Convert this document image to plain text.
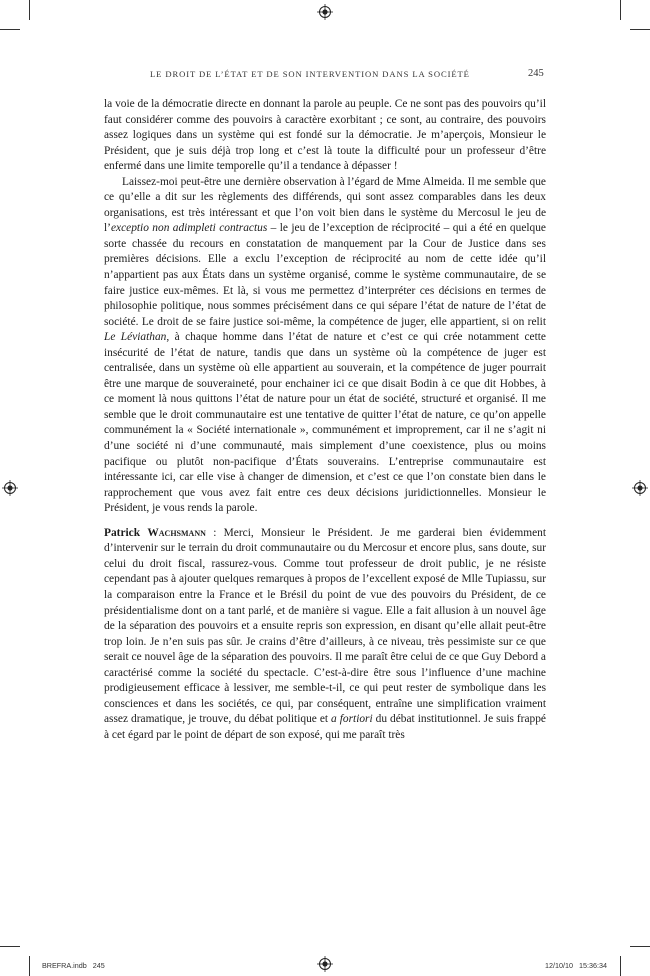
LE DROIT DE L’ÉTAT ET DE SON INTERVENTION DANS LA SOCIÉTÉ	245

la voie de la démocratie directe en donnant la parole au peuple. Ce ne sont pas des pouvoirs qu’il faut considérer comme des pouvoirs à caractère exorbitant ; ce sont, au contraire, des pouvoirs assez logiques dans un système qui est fondé sur la démocratie. Je m’aperçois, Monsieur le Président, que je suis déjà trop long et c’est là toute la difficulté pour un professeur d’être enfermé dans une limite temporelle qu’il a tendance à dépasser !

Laissez-moi peut-être une dernière observation à l’égard de Mme Almeida. Il me semble que ce qu’elle a dit sur les règlements des différends, qui sont assez comparables dans les deux organisations, est très intéressant et que l’on voit bien dans le système du Mercosul le jeu de l’exceptio non adimpleti contractus – le jeu de l’exception de réciprocité – qui a été en quelque sorte chassée du recours en constatation de manquement par la Cour de Justice dans ses premières décisions. Elle a exclu l’exception de réciprocité au nom de cette idée qu’il n’appartient pas aux États dans un système organisé, comme le système communautaire, de se faire justice eux-mêmes. Et là, si vous me permettez d’interpréter ces décisions en termes de philosophie politique, nous sommes précisément dans ce qui sépare l’état de nature de l’état de société. Le droit de se faire justice soi-même, la compétence de juger, elle appartient, si on relit Le Léviathan, à chaque homme dans l’état de nature et c’est ce qui crée notamment cette insécurité de l’état de nature, tandis que dans un système où la compétence de juger est centralisée, dans un système où elle appartient au souverain, et la compétence de juger pourrait être une marque de souveraineté, pour enchainer ici ce que disait Bodin à ce que dit Hobbes, à ce moment là nous quittons l’état de nature pour un état de société, structuré et organisé. Il me semble que le droit communautaire est une tentative de quitter l’état de nature, ce qu’on appelle communément la « Société internationale », communément et improprement, car il ne s’agit ni d’une société ni d’une communauté, mais simplement d’une coexistence, plus ou moins pacifique ou plutôt non-pacifique d’États souverains. L’entreprise communautaire est intéressante ici, car elle vise à changer de dimension, et c’est ce que l’on constate bien dans le rapprochement que vous avez fait entre ces deux décisions juridictionnelles. Monsieur le Président, je vous rends la parole.

Patrick Wachsmann : Merci, Monsieur le Président. Je me garderai bien évidemment d’intervenir sur le terrain du droit communautaire ou du Mercosur et encore plus, sans doute, sur celui du droit fiscal, rassurez-vous. Comme tout professeur de droit public, je ne résiste cependant pas à ajouter quelques remarques à propos de l’excellent exposé de Mlle Tupiassu, sur la comparaison entre la France et le Brésil du point de vue des pouvoirs du Président, de ce présidentialisme dont on a tant parlé, et de manière si vague. Elle a fait allusion à un nouvel âge de la séparation des pouvoirs et a ensuite repris son expression, en disant qu’elle allait peut-être trop loin. Je n’en suis pas sûr. Je crains d’être d’ailleurs, à ce niveau, très pessimiste sur ce que serait ce nouvel âge de la séparation des pouvoirs. Il me paraît être celui de ce que Guy Debord a caractérisé comme la société du spectacle. C’est-à-dire être sous l’influence d’une machine prodigieusement efficace à lessiver, me semble-t-il, ce qui peut rester de symbolique dans les consciences et dans les sociétés, ce qui, par conséquent, entraîne une simplification vraiment assez dramatique, je trouve, du débat politique et a fortiori du débat institutionnel. Je suis frappé à cet égard par le point de départ de son exposé, qui me paraît très

BREFRA.indb   245	12/10/10   15:36:34
